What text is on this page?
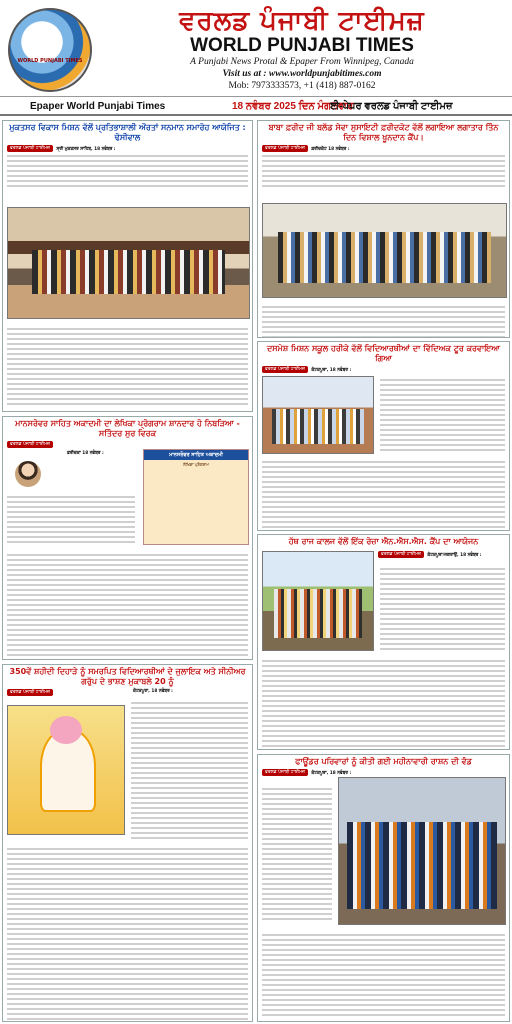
WORLD PUNJABI TIMES
ਵਰਲਡ ਪੰਜਾਬੀ ਟਾਈਮਜ਼
WORLD PUNJABI TIMES
A Punjabi News Protal & Epaper From Winnipeg, Canada
Visit us at : www.worldpunjabitimes.com
Mob: 7973333573, +1 (418) 887-0162
Epaper World Punjabi Times	18 ਨਵੰਬਰ 2025 ਦਿਨ ਮੰਗਲਵਾਰ
ਈ-ਪੇਪਰ ਵਰਲਡ ਪੰਜਾਬੀ ਟਾਈਮਜ਼
ਮੁਕਤਸਰ ਵਿਕਾਸ ਮਿਸ਼ਨ ਵੱਲੋਂ ਪ੍ਰਤਿਭਾਸ਼ਾਲੀ ਔਰਤਾਂ ਸਨਮਾਨ ਸਮਾਰੋਹ ਆਯੋਜਿਤ : ਢੋਸੀਵਾਲ
ਵਰਲਡ ਪੰਜਾਬੀ ਟਾਈਮਜ਼ ਸ੍ਰੀ ਮੁਕਤਸਰ ਸਾਹਿਬ, 18 ਨਵੰਬਰ :
ਬਾਬਾ ਫ਼ਰੀਦ ਜੀ ਬਲੱਡ ਸੇਵਾ ਸੁਸਾਇਟੀ ਫ਼ਰੀਦਕੋਟ ਵੱਲੋਂ ਲਗਾਇਆ ਲਗਾਤਾਰ ਤਿੰਨ ਦਿਨ ਵਿਸ਼ਾਲ ਖੂਨਦਾਨ ਕੈਂਪ।
ਵਰਲਡ ਪੰਜਾਬੀ ਟਾਈਮਜ਼ ਫ਼ਰੀਦਕੋਟ 18 ਨਵੰਬਰ :
ਦਸਮੇਸ਼ ਮਿਸ਼ਨ ਸਕੂਲ ਹਰੀਕੇ ਵੱਲੋਂ ਵਿਦਿਆਰਥੀਆਂ ਦਾ ਵਿੱਦਿਅਕ ਟੂਰ ਕਰਵਾਇਆ ਗਿਆ
ਵਰਲਡ ਪੰਜਾਬੀ ਟਾਈਮਜ਼ ਕੋਟਕਪੂਰਾ, 18 ਨਵੰਬਰ :
ਮਾਨਸਰੋਵਰ ਸਾਹਿਤ ਅਕਾਦਮੀ ਦਾ ਲੇਖਿਕਾ ਪ੍ਰੋਗਰਾਮ ਸ਼ਾਨਦਾਰ ਹੋ ਨਿਬੜਿਆ - ਸਤਿੰਦਰ ਸੁਰ ਵਿਰਕ
ਵਰਲਡ ਪੰਜਾਬੀ ਟਾਈਮਜ਼
ਫ਼ਰੀਦਕਾ 18 ਨਵੰਬਰ :	ਮਾਨਸਰੋਵਰ ਸਾਹਿਤ ਅਕਾਦਮੀ
ਲੇਖਿਕਾ ਪ੍ਰੋਗਰਾਮ
ਹੱਥ ਰਾਜ ਕਾਲਜ ਵੱਲੋਂ ਇੱਕ ਰੋਜ਼ਾ ਐਨ.ਐਸ.ਐਸ. ਕੈਂਪ ਦਾ ਆਯੋਜਨ
ਵਰਲਡ ਪੰਜਾਬੀ ਟਾਈਮਜ਼ ਕੋਟਕਪੂਰਾ/ਜਗਰਾਉਂ, 18 ਨਵੰਬਰ :
350ਵੇਂ ਸ਼ਹੀਦੀ ਦਿਹਾੜੇ ਨੂੰ ਸਮਰਪਿਤ ਵਿਦਿਆਰਥੀਆਂ ਦੇ ਜੁਲਾਇਕ ਅਤੇ ਸੀਨੀਅਰ ਗਰੁੱਪ ਦੇ ਭਾਸ਼ਣ ਮੁਕਾਬਲੇ 20 ਨੂੰ
ਵਰਲਡ ਪੰਜਾਬੀ ਟਾਈਮਜ਼	ਕੋਟਕਪੂਰਾ, 18 ਨਵੰਬਰ :
ਫਾਊਂਡਰ ਪਰਿਵਾਰਾਂ ਨੂੰ ਕੀਤੀ ਗਈ ਮਹੀਨਾਵਾਰੀ ਰਾਸ਼ਨ ਦੀ ਵੰਡ
ਵਰਲਡ ਪੰਜਾਬੀ ਟਾਈਮਜ਼ ਕੋਟਕਪੂਰਾ, 18 ਨਵੰਬਰ :
